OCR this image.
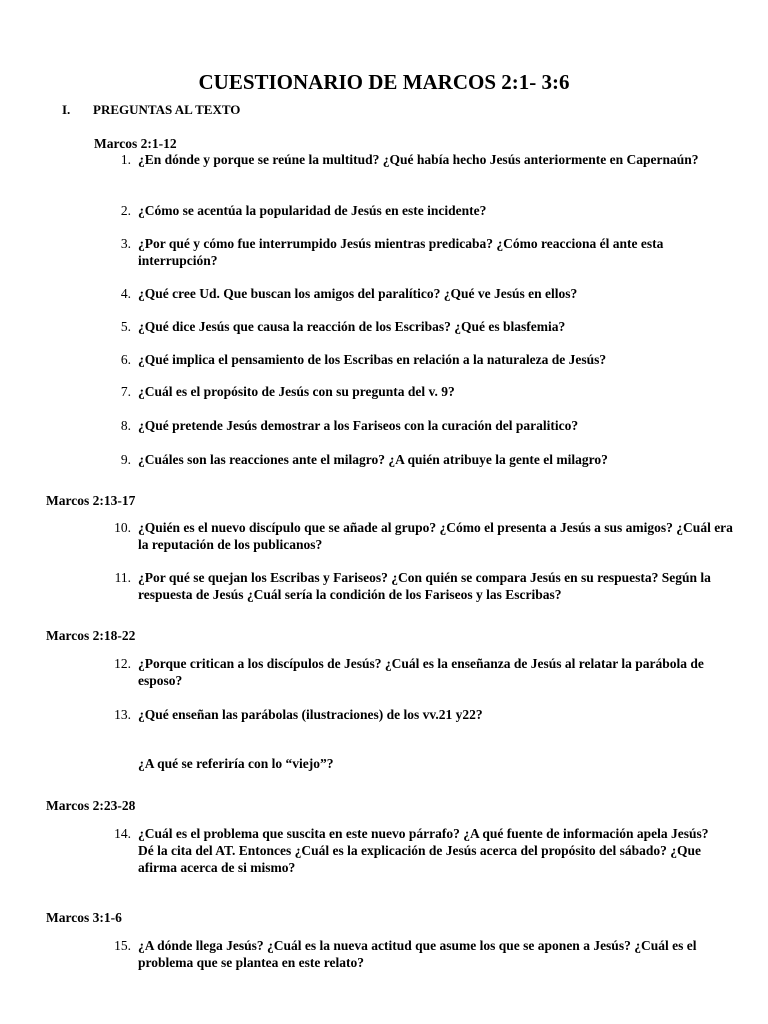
CUESTIONARIO DE MARCOS 2:1- 3:6
I. PREGUNTAS AL TEXTO
Marcos 2:1-12
1. ¿En dónde y porque se reúne la multitud? ¿Qué había hecho Jesús anteriormente en Capernaún?
2. ¿Cómo se acentúa la popularidad de Jesús en este incidente?
3. ¿Por qué y cómo fue interrumpido Jesús mientras predicaba? ¿Cómo reacciona él ante esta interrupción?
4. ¿Qué cree Ud. Que buscan los amigos del paralítico? ¿Qué ve Jesús en ellos?
5. ¿Qué dice Jesús que causa la reacción de los Escribas? ¿Qué es blasfemia?
6. ¿Qué implica el pensamiento de los Escribas en relación a la naturaleza de Jesús?
7. ¿Cuál es el propósito de Jesús con su pregunta del v. 9?
8. ¿Qué pretende Jesús demostrar a los Fariseos con la curación del paralitico?
9. ¿Cuáles son las reacciones ante el milagro? ¿A quién atribuye la gente el milagro?
Marcos 2:13-17
10. ¿Quién es el nuevo discípulo que se añade al grupo? ¿Cómo el presenta a Jesús a sus amigos? ¿Cuál era la reputación de los publicanos?
11. ¿Por qué se quejan los Escribas y Fariseos? ¿Con quién se compara Jesús en su respuesta? Según la respuesta de Jesús ¿Cuál sería la condición de los Fariseos y las Escribas?
Marcos 2:18-22
12. ¿Porque critican a los discípulos de Jesús? ¿Cuál es la enseñanza de Jesús al relatar la parábola de esposo?
13. ¿Qué enseñan las parábolas (ilustraciones) de los vv.21 y22?
¿A qué se referiría con lo “viejo”?
Marcos 2:23-28
14. ¿Cuál es el problema que suscita en este nuevo párrafo? ¿A qué fuente de información apela Jesús? Dé la cita del AT. Entonces ¿Cuál es la explicación de Jesús acerca del propósito del sábado? ¿Que afirma acerca de si mismo?
Marcos 3:1-6
15. ¿A dónde llega Jesús? ¿Cuál es la nueva actitud que asume los que se aponen a Jesús? ¿Cuál es el problema que se plantea en este relato?
